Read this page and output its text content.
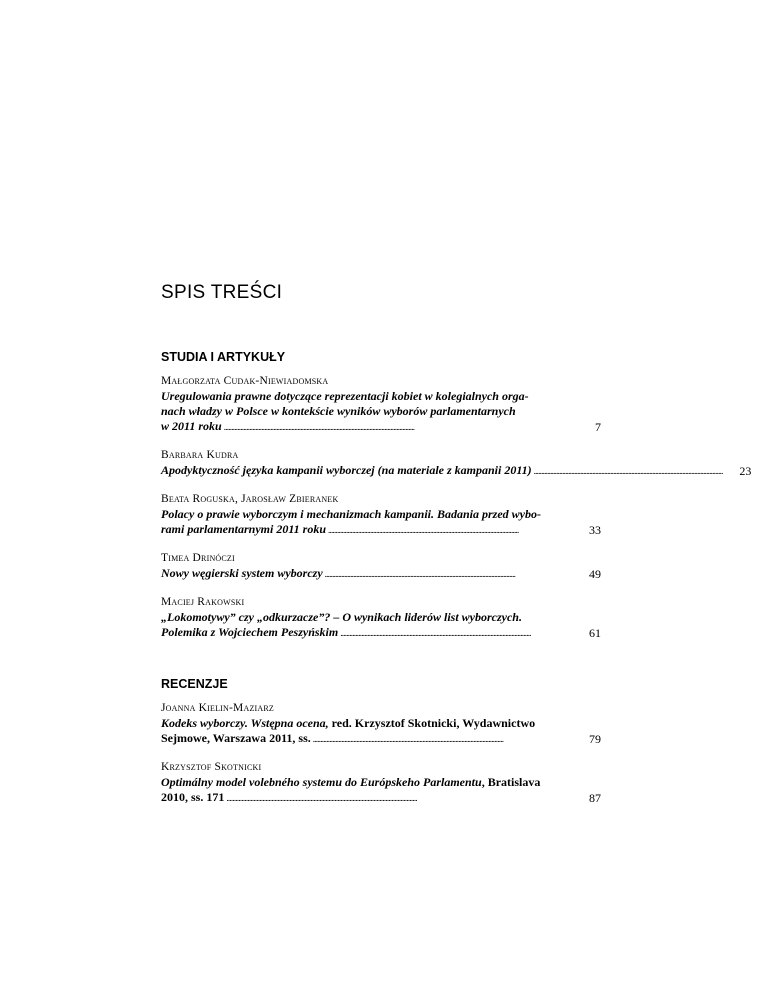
SPIS TREŚCI
STUDIA I ARTYKUŁY
Małgorzata Cudak-Niewiadomska
Uregulowania prawne dotyczące reprezentacji kobiet w kolegialnych orga-
nach władzy w Polsce w kontekście wyników wyborów parlamentarnych
w 2011 roku . . .	7
Barbara Kudra
Apodyktyczność języka kampanii wyborczej (na materiale z kampanii 2011) . . .	23
Beata Roguska, Jarosław Zbieranek
Polacy o prawie wyborczym i mechanizmach kampanii. Badania przed wybo-
rami parlamentarnymi 2011 roku . . .	33
Timea Drinóczi
Nowy węgierski system wyborczy . . .	49
Maciej Rakowski
„Lokomotywy” czy „odkurzacze”? – O wynikach liderów list wyborczych.
Polemika z Wojciechem Peszyńskim . . .	61
RECENZJE
Joanna Kielin-Maziarz
Kodeks wyborczy. Wstępna ocena, red. Krzysztof Skotnicki, Wydawnictwo
Sejmowe, Warszawa 2011, ss. . . .	79
Krzysztof Skotnicki
Optimálny model volebného systemu do Európskeho Parlamentu, Bratislava
2010, ss. 171 . . .	87
